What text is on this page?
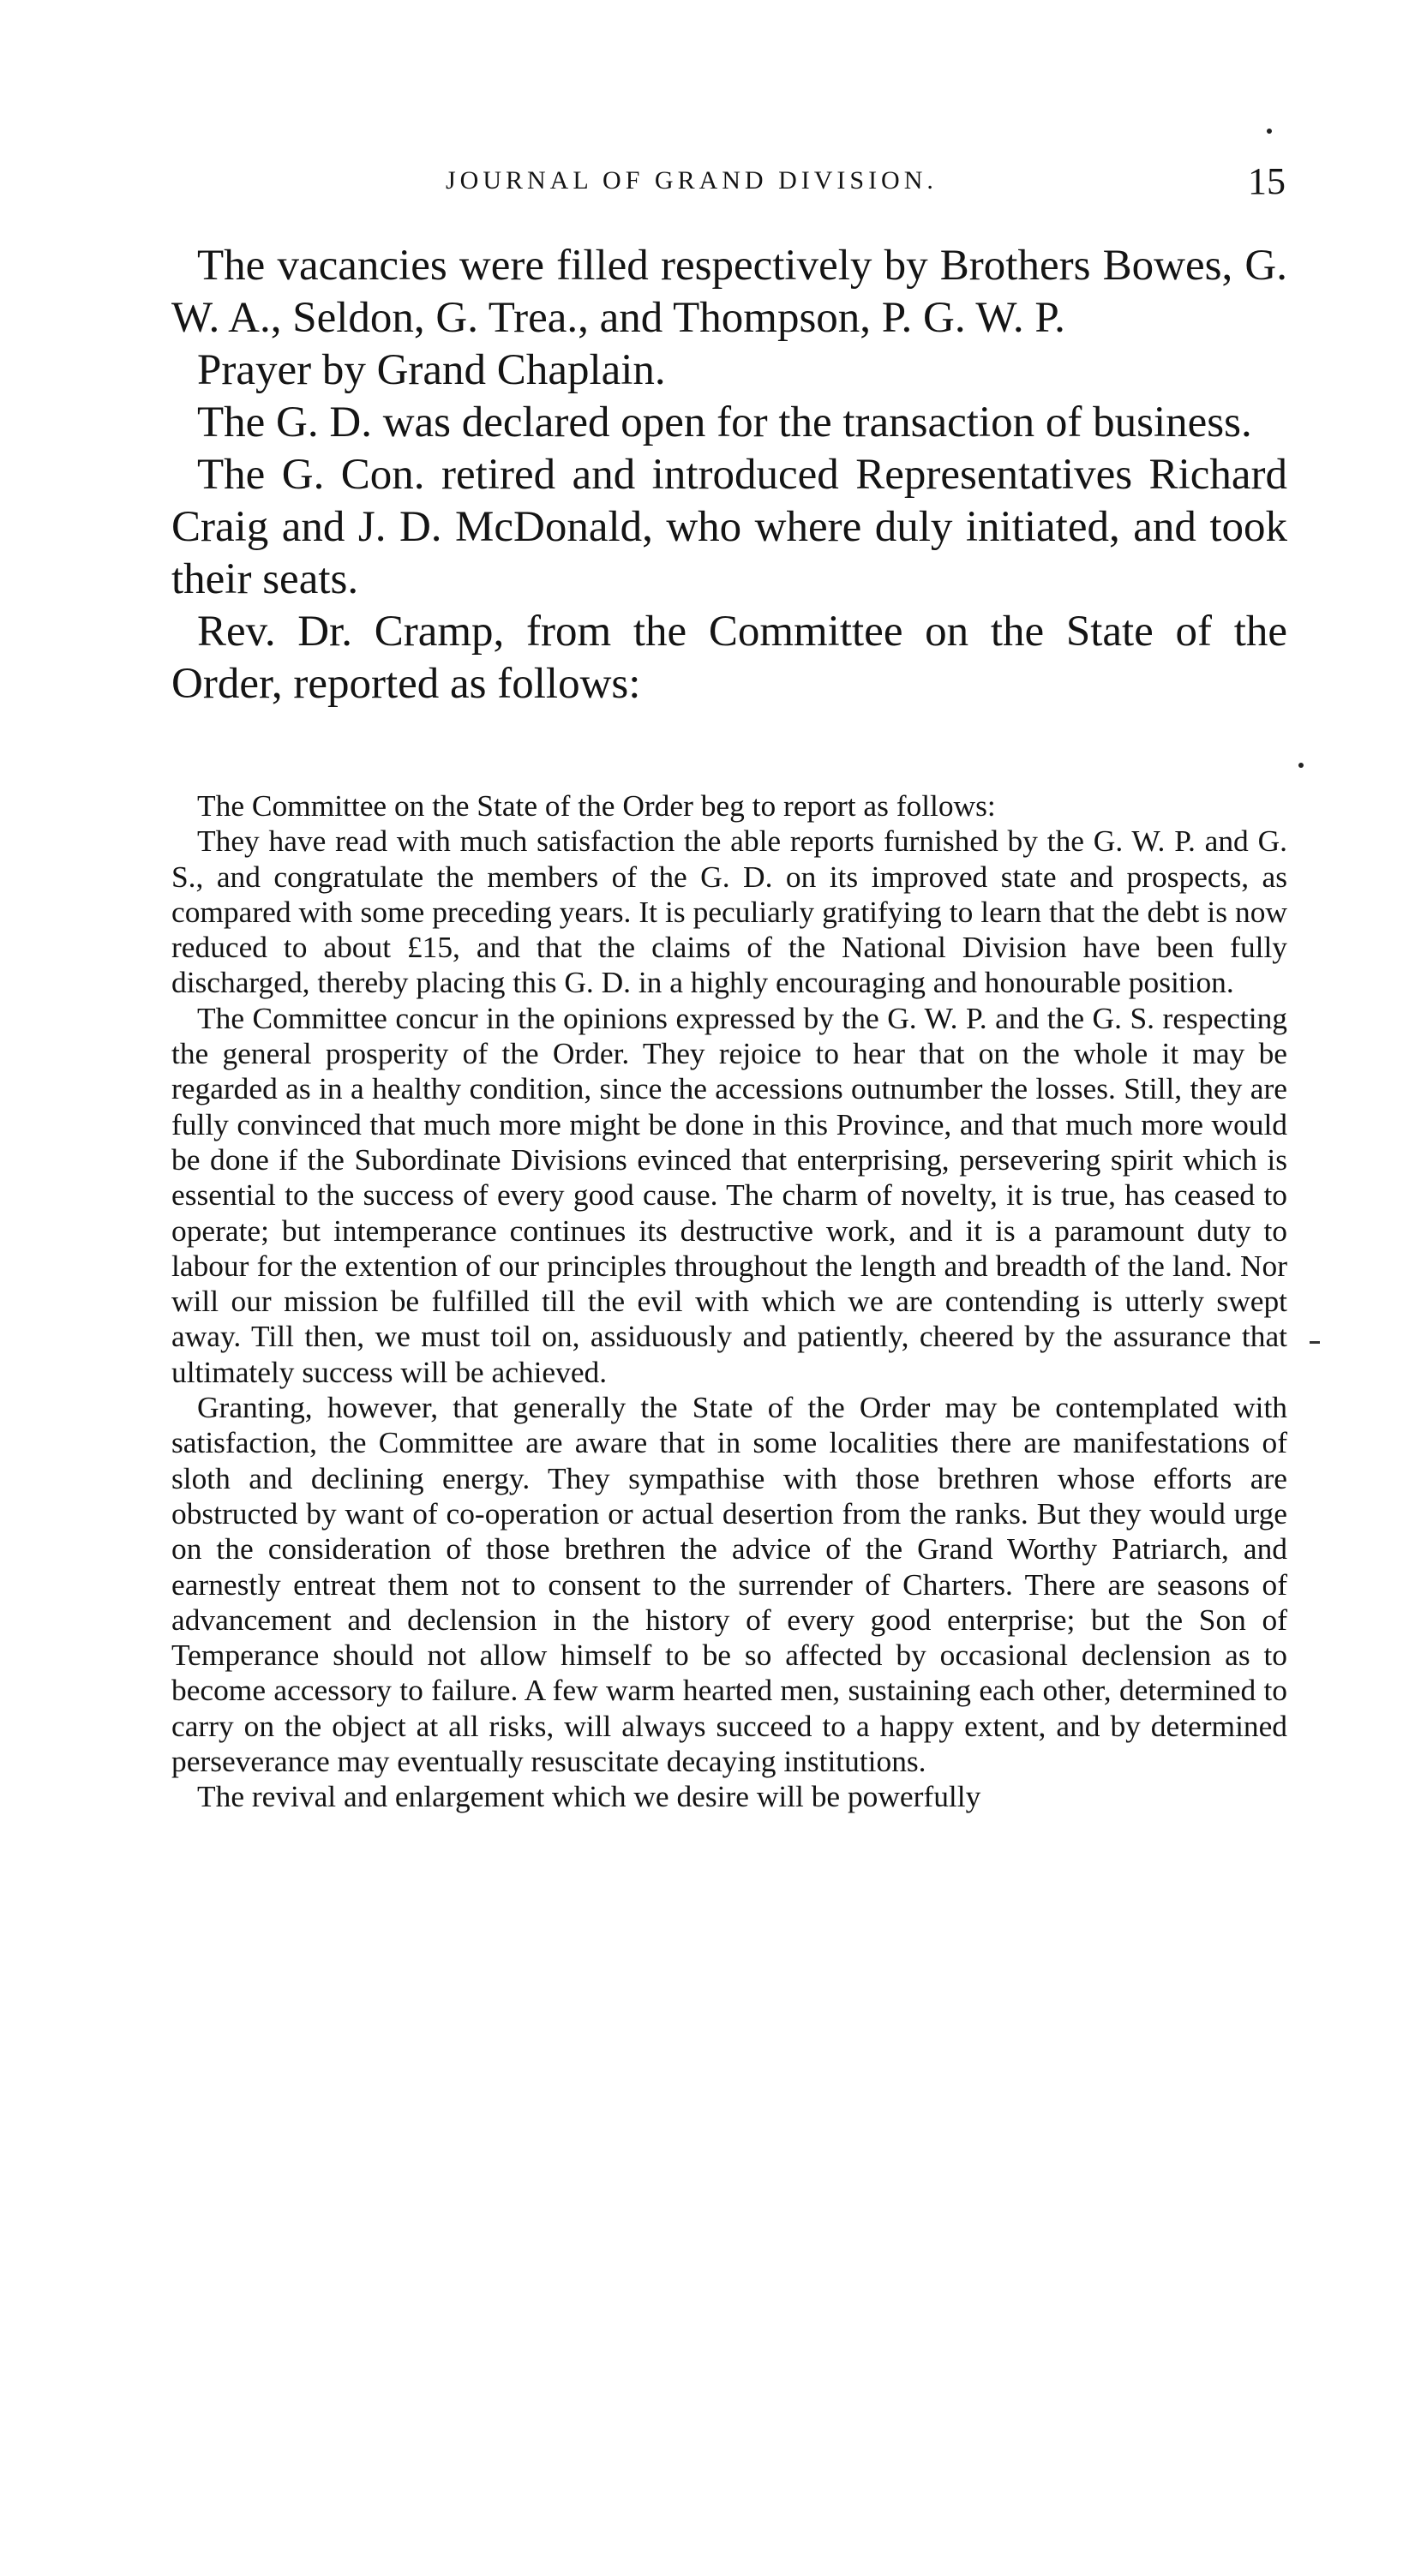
JOURNAL OF GRAND DIVISION.	15

The vacancies were filled respectively by Brothers Bowes, G. W. A., Seldon, G. Trea., and Thompson, P. G. W. P.

Prayer by Grand Chaplain.

The G. D. was declared open for the transaction of business.

The G. Con. retired and introduced Representatives Richard Craig and J. D. McDonald, who where duly initiated, and took their seats.

Rev. Dr. Cramp, from the Committee on the State of the Order, reported as follows:

The Committee on the State of the Order beg to report as follows:

They have read with much satisfaction the able reports furnished by the G. W. P. and G. S., and congratulate the members of the G. D. on its improved state and prospects, as compared with some preceding years. It is peculiarly gratifying to learn that the debt is now reduced to about £15, and that the claims of the National Division have been fully discharged, thereby placing this G. D. in a highly encouraging and honourable position.

The Committee concur in the opinions expressed by the G. W. P. and the G. S. respecting the general prosperity of the Order. They rejoice to hear that on the whole it may be regarded as in a healthy condition, since the accessions outnumber the losses. Still, they are fully convinced that much more might be done in this Province, and that much more would be done if the Subordinate Divisions evinced that enterprising, persevering spirit which is essential to the success of every good cause. The charm of novelty, it is true, has ceased to operate; but intemperance continues its destructive work, and it is a paramount duty to labour for the extention of our principles throughout the length and breadth of the land. Nor will our mission be fulfilled till the evil with which we are contending is utterly swept away. Till then, we must toil on, assiduously and patiently, cheered by the assurance that ultimately success will be achieved.

Granting, however, that generally the State of the Order may be contemplated with satisfaction, the Committee are aware that in some localities there are manifestations of sloth and declining energy. They sympathise with those brethren whose efforts are obstructed by want of co-operation or actual desertion from the ranks. But they would urge on the consideration of those brethren the advice of the Grand Worthy Patriarch, and earnestly entreat them not to consent to the surrender of Charters. There are seasons of advancement and declension in the history of every good enterprise; but the Son of Temperance should not allow himself to be so affected by occasional declension as to become accessory to failure. A few warm hearted men, sustaining each other, determined to carry on the object at all risks, will always succeed to a happy extent, and by determined perseverance may eventually resuscitate decaying institutions.

The revival and enlargement which we desire will be powerfully
